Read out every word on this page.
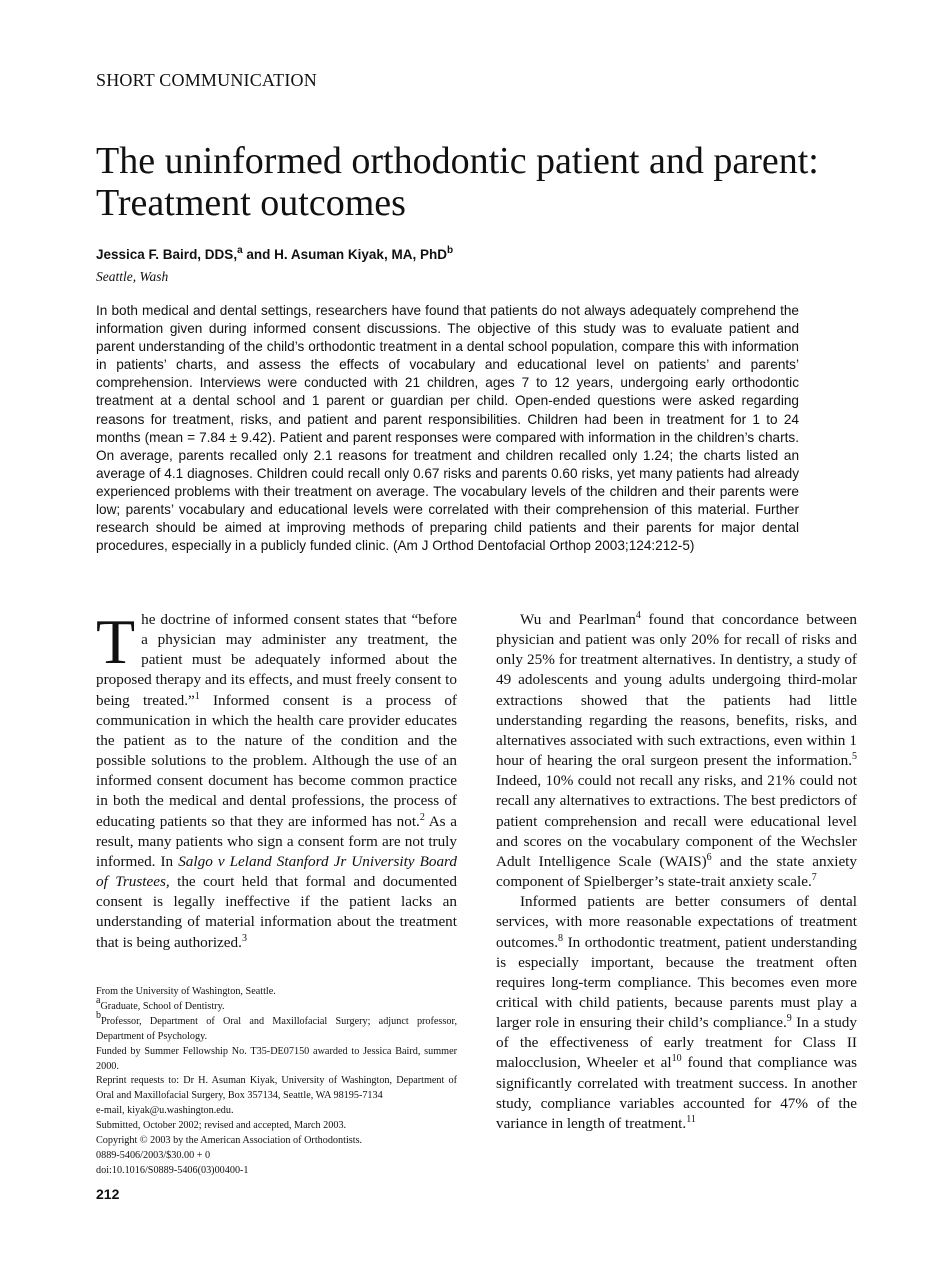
SHORT COMMUNICATION
The uninformed orthodontic patient and parent:
Treatment outcomes
Jessica F. Baird, DDS,$^a$ and H. Asuman Kiyak, MA, PhD$^b$
Seattle, Wash

In both medical and dental settings, researchers have found that patients do not always adequately comprehend the information given during informed consent discussions. The objective of this study was to evaluate patient and parent understanding of the child’s orthodontic treatment in a dental school population, compare this with information in patients’ charts, and assess the effects of vocabulary and educational level on patients’ and parents’ comprehension. Interviews were conducted with 21 children, ages 7 to 12 years, undergoing early orthodontic treatment at a dental school and 1 parent or guardian per child. Open-ended questions were asked regarding reasons for treatment, risks, and patient and parent responsibilities. Children had been in treatment for 1 to 24 months (mean = 7.84 ± 9.42). Patient and parent responses were compared with information in the children’s charts. On average, parents recalled only 2.1 reasons for treatment and children recalled only 1.24; the charts listed an average of 4.1 diagnoses. Children could recall only 0.67 risks and parents 0.60 risks, yet many patients had already experienced problems with their treatment on average. The vocabulary levels of the children and their parents were low; parents’ vocabulary and educational levels were correlated with their comprehension of this material. Further research should be aimed at improving methods of preparing child patients and their parents for major dental procedures, especially in a publicly funded clinic. (Am J Orthod Dentofacial Orthop 2003;124:212-5)

The doctrine of informed consent states that “before a physician may administer any treatment, the patient must be adequately informed about the proposed therapy and its effects, and must freely consent to being treated.”$^1$ Informed consent is a process of communication in which the health care provider educates the patient as to the nature of the condition and the possible solutions to the problem. Although the use of an informed consent document has become common practice in both the medical and dental professions, the process of educating patients so that they are informed has not.$^2$ As a result, many patients who sign a consent form are not truly informed. In Salgo v Leland Stanford Jr University Board of Trustees, the court held that formal and documented consent is legally ineffective if the patient lacks an understanding of material information about the treatment that is being authorized.$^3$

Wu and Pearlman$^4$ found that concordance between physician and patient was only 20% for recall of risks and only 25% for treatment alternatives. In dentistry, a study of 49 adolescents and young adults undergoing third-molar extractions showed that the patients had little understanding regarding the reasons, benefits, risks, and alternatives associated with such extractions, even within 1 hour of hearing the oral surgeon present the information.$^5$ Indeed, 10% could not recall any risks, and 21% could not recall any alternatives to extractions. The best predictors of patient comprehension and recall were educational level and scores on the vocabulary component of the Wechsler Adult Intelligence Scale (WAIS)$^6$ and the state anxiety component of Spielberger’s state-trait anxiety scale.$^7$

Informed patients are better consumers of dental services, with more reasonable expectations of treatment outcomes.$^8$ In orthodontic treatment, patient understanding is especially important, because the treatment often requires long-term compliance. This becomes even more critical with child patients, because parents must play a larger role in ensuring their child’s compliance.$^9$ In a study of the effectiveness of early treatment for Class II malocclusion, Wheeler et $al^{10}$ found that compliance was significantly correlated with treatment success. In another study, compliance variables accounted for 47% of the variance in length of treatment.$^{11}$

From the University of Washington, Seattle.
$^a$Graduate, School of Dentistry.
$^b$Professor, Department of Oral and Maxillofacial Surgery; adjunct professor, Department of Psychology.
Funded by Summer Fellowship No. T35-DE07150 awarded to Jessica Baird, summer 2000.
Reprint requests to: Dr H. Asuman Kiyak, University of Washington, Department of Oral and Maxillofacial Surgery, Box 357134, Seattle, WA 98195-7134
e-mail, kiyak@u.washington.edu.
Submitted, October 2002; revised and accepted, March 2003.
Copyright © 2003 by the American Association of Orthodontists.
0889-5406/2003/$30.00 + 0
doi:10.1016/S0889-5406(03)00400-1
212
